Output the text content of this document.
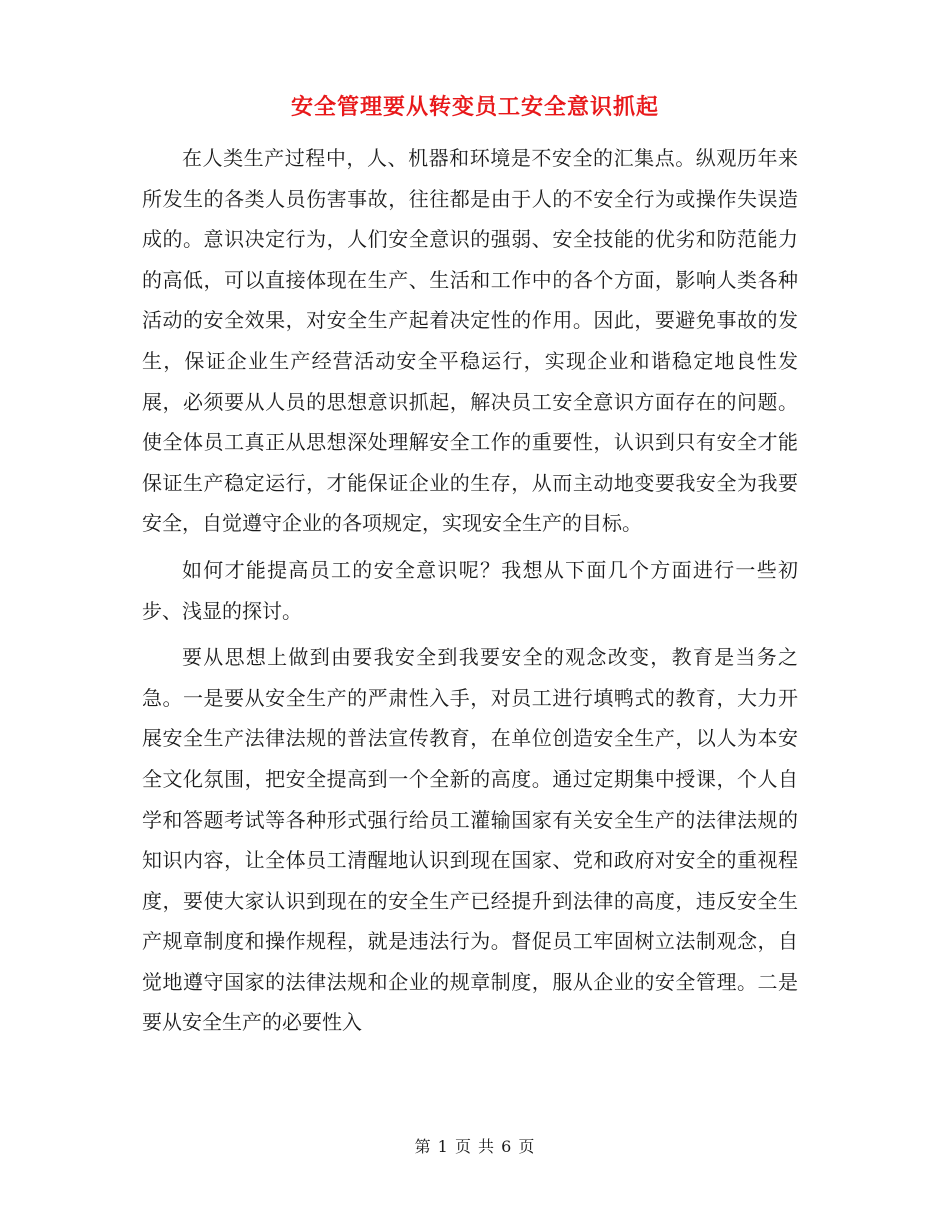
安全管理要从转变员工安全意识抓起

在人类生产过程中，人、机器和环境是不安全的汇集点。纵观历年来所发生的各类人员伤害事故，往往都是由于人的不安全行为或操作失误造成的。意识决定行为，人们安全意识的强弱、安全技能的优劣和防范能力的高低，可以直接体现在生产、生活和工作中的各个方面，影响人类各种活动的安全效果，对安全生产起着决定性的作用。因此，要避免事故的发生，保证企业生产经营活动安全平稳运行，实现企业和谐稳定地良性发展，必须要从人员的思想意识抓起，解决员工安全意识方面存在的问题。使全体员工真正从思想深处理解安全工作的重要性，认识到只有安全才能保证生产稳定运行，才能保证企业的生存，从而主动地变要我安全为我要安全，自觉遵守企业的各项规定，实现安全生产的目标。

如何才能提高员工的安全意识呢？我想从下面几个方面进行一些初步、浅显的探讨。

要从思想上做到由要我安全到我要安全的观念改变，教育是当务之急。一是要从安全生产的严肃性入手，对员工进行填鸭式的教育，大力开展安全生产法律法规的普法宣传教育，在单位创造安全生产，以人为本安全文化氛围，把安全提高到一个全新的高度。通过定期集中授课，个人自学和答题考试等各种形式强行给员工灌输国家有关安全生产的法律法规的知识内容，让全体员工清醒地认识到现在国家、党和政府对安全的重视程度，要使大家认识到现在的安全生产已经提升到法律的高度，违反安全生产规章制度和操作规程，就是违法行为。督促员工牢固树立法制观念，自觉地遵守国家的法律法规和企业的规章制度，服从企业的安全管理。二是要从安全生产的必要性入

第 1 页 共 6 页
